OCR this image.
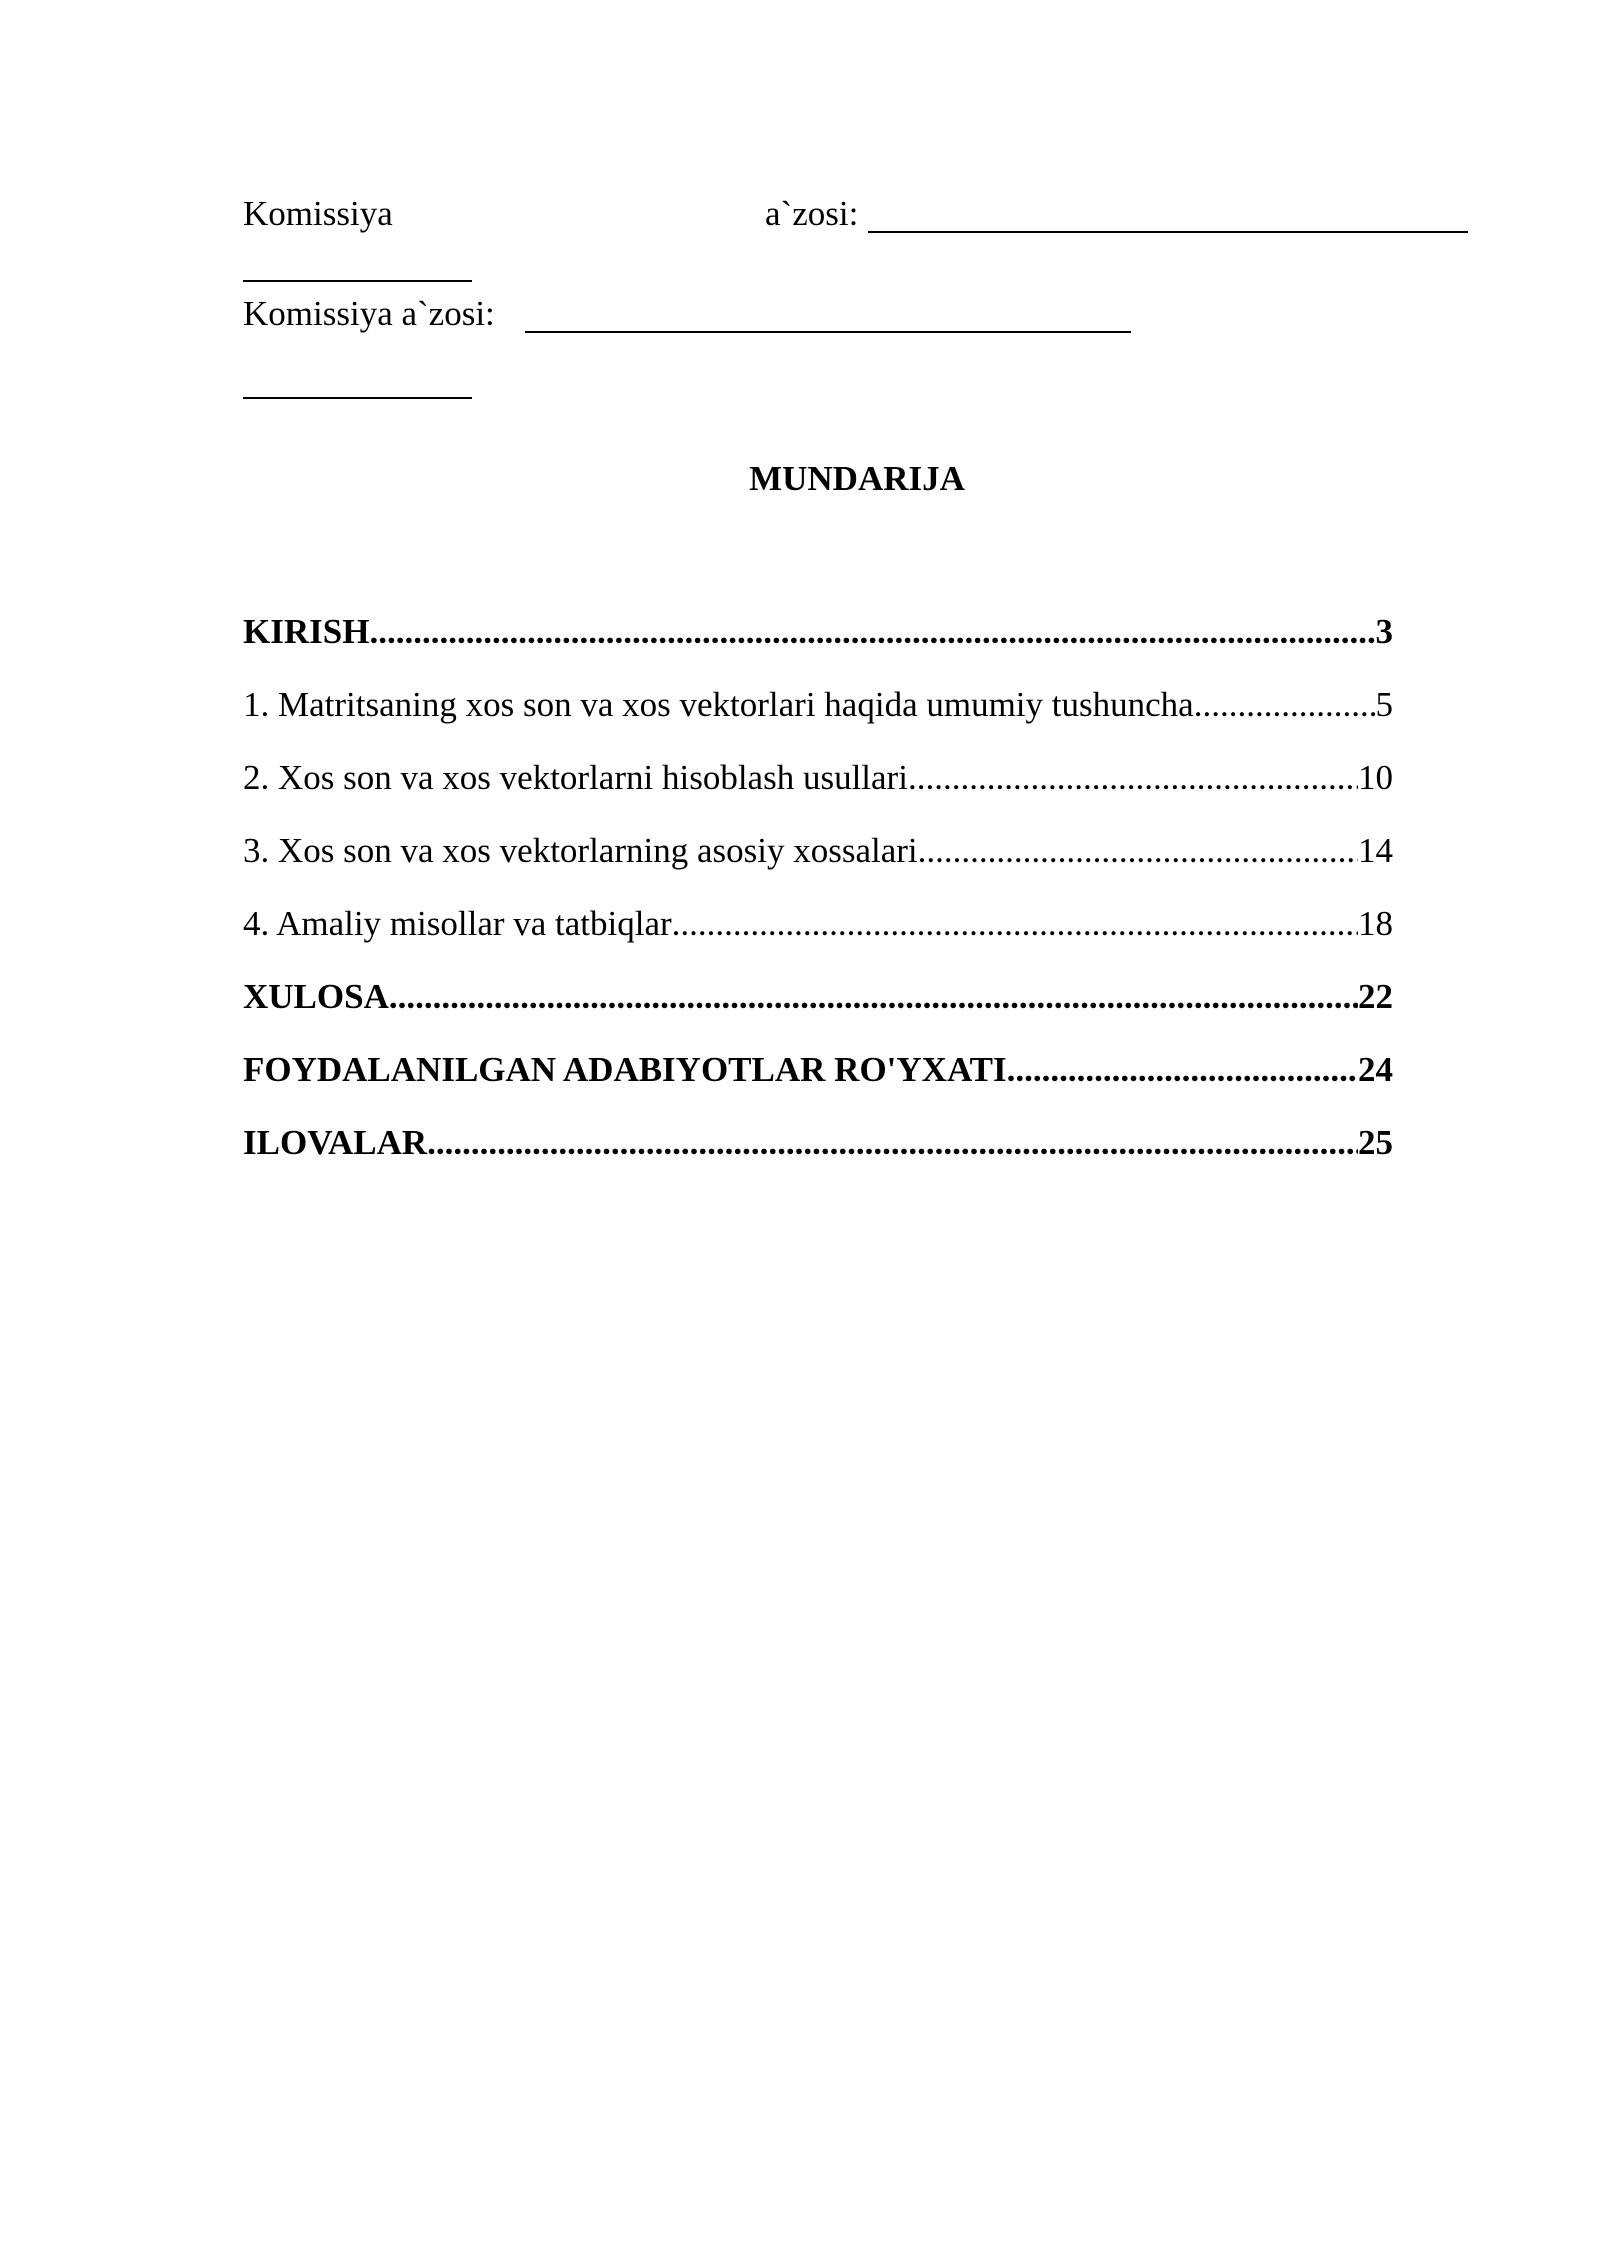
Komissiya	a`zosi:
Komissiya a`zosi:
MUNDARIJA
KIRISH .....	3
1. Matritsaning xos son va xos vektorlari haqida umumiy tushuncha .....	5
2. Xos son va xos vektorlarni hisoblash usullari .....	10
3. Xos son va xos vektorlarning asosiy xossalari .....	14
4. Amaliy misollar va tatbiqlar .....	18
XULOSA .....	22
FOYDALANILGAN ADABIYOTLAR RO'YXATI .....	24
ILOVALAR .....	25
